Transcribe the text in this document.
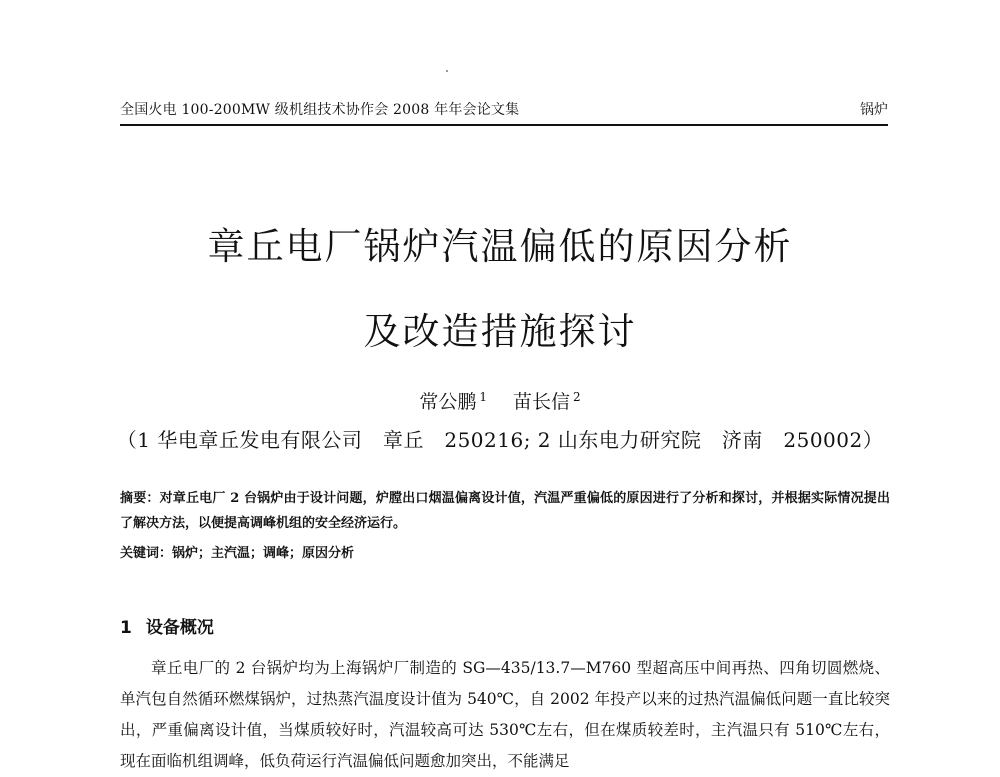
全国火电 100-200MW 级机组技术协作会 2008 年年会论文集	锅炉
章丘电厂锅炉汽温偏低的原因分析
及改造措施探讨
常公鹏 $^1$ 苗长信 $^2$
（1 华电章丘发电有限公司　章丘　250216; 2 山东电力研究院　济南　250002）
摘要：对章丘电厂 2 台锅炉由于设计问题，炉膛出口烟温偏离设计值，汽温严重偏低的原因进行了分析和探讨，并根据实际情况提出了解决方法，以便提高调峰机组的安全经济运行。
关键词：锅炉；主汽温；调峰；原因分析
1 设备概况
章丘电厂的 2 台锅炉均为上海锅炉厂制造的 SG—435/13.7—M760 型超高压中间再热、四角切圆燃烧、单汽包自然循环燃煤锅炉，过热蒸汽温度设计值为 540℃，自 2002 年投产以来的过热汽温偏低问题一直比较突出，严重偏离设计值，当煤质较好时，汽温较高可达 530℃左右，但在煤质较差时，主汽温只有 510℃左右，现在面临机组调峰，低负荷运行汽温偏低问题愈加突出，不能满足
